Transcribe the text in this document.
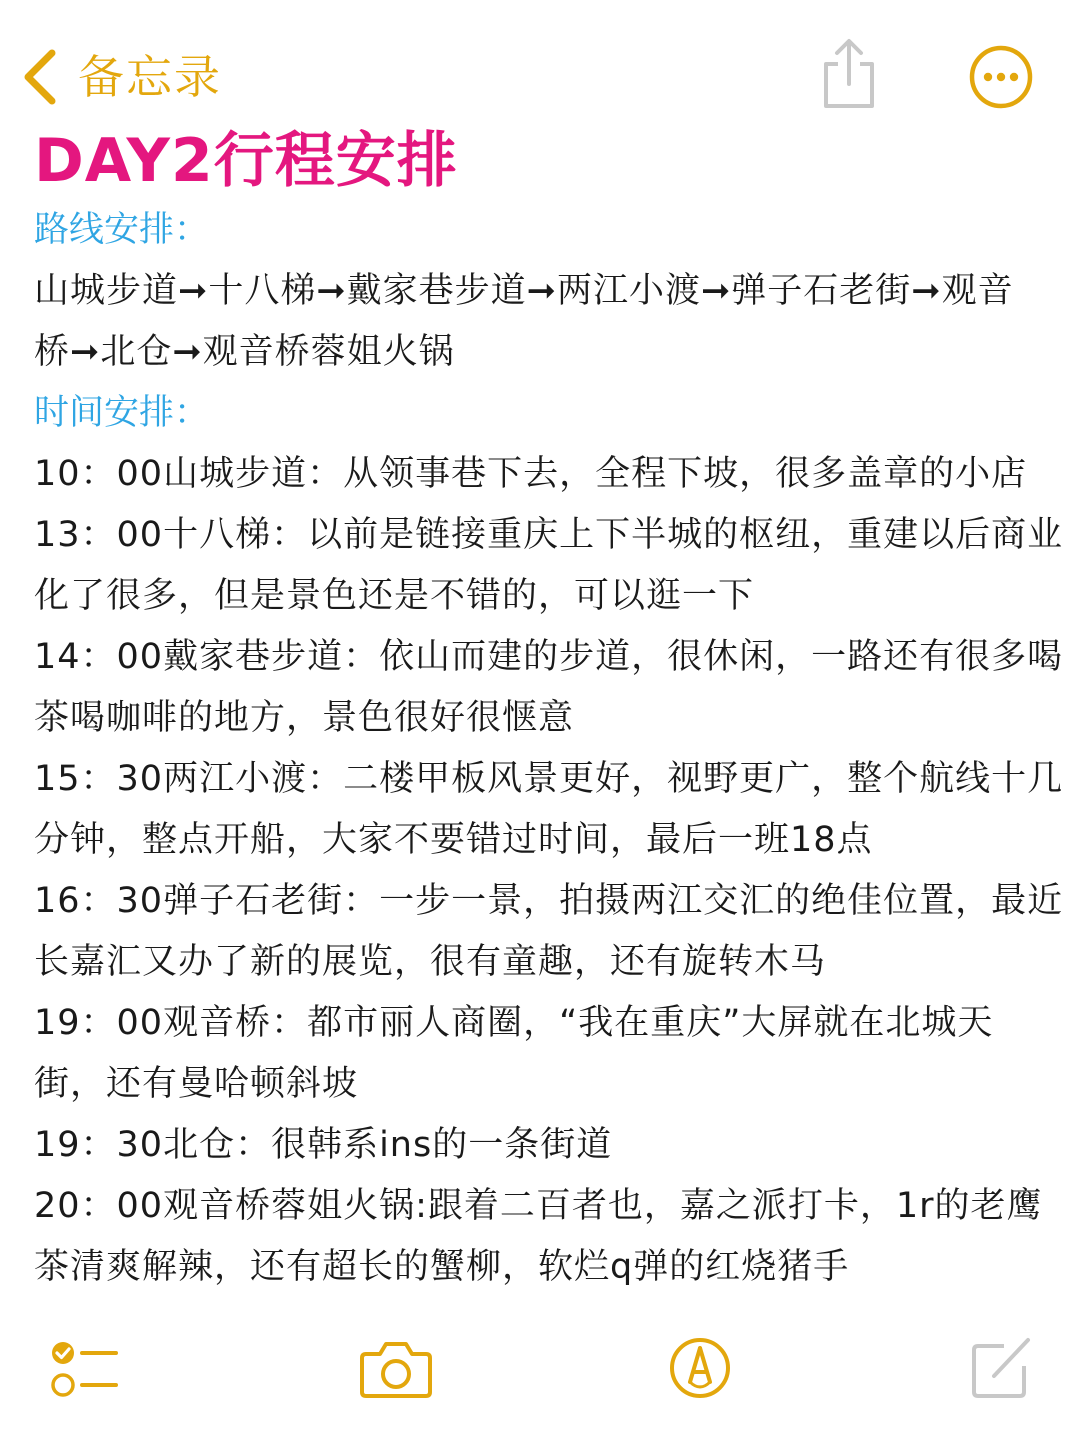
备忘录
DAY2行程安排
路线安排：
山城步道➞十八梯➞戴家巷步道➞两江小渡➞弹子石老街➞观音桥➞北仓➞观音桥蓉姐火锅
时间安排：
10：00山城步道：从领事巷下去，全程下坡，很多盖章的小店
13：00十八梯：以前是链接重庆上下半城的枢纽，重建以后商业化了很多，但是景色还是不错的，可以逛一下
14：00戴家巷步道：依山而建的步道，很休闲，一路还有很多喝茶喝咖啡的地方，景色很好很惬意
15：30两江小渡：二楼甲板风景更好，视野更广，整个航线十几分钟，整点开船，大家不要错过时间，最后一班18点
16：30弹子石老街：一步一景，拍摄两江交汇的绝佳位置，最近长嘉汇又办了新的展览，很有童趣，还有旋转木马
19：00观音桥：都市丽人商圈，“我在重庆”大屏就在北城天街，还有曼哈顿斜坡
19：30北仓：很韩系ins的一条街道
20：00观音桥蓉姐火锅:跟着二百者也，嘉之派打卡，1r的老鹰茶清爽解辣，还有超长的蟹柳，软烂q弹的红烧猪手
